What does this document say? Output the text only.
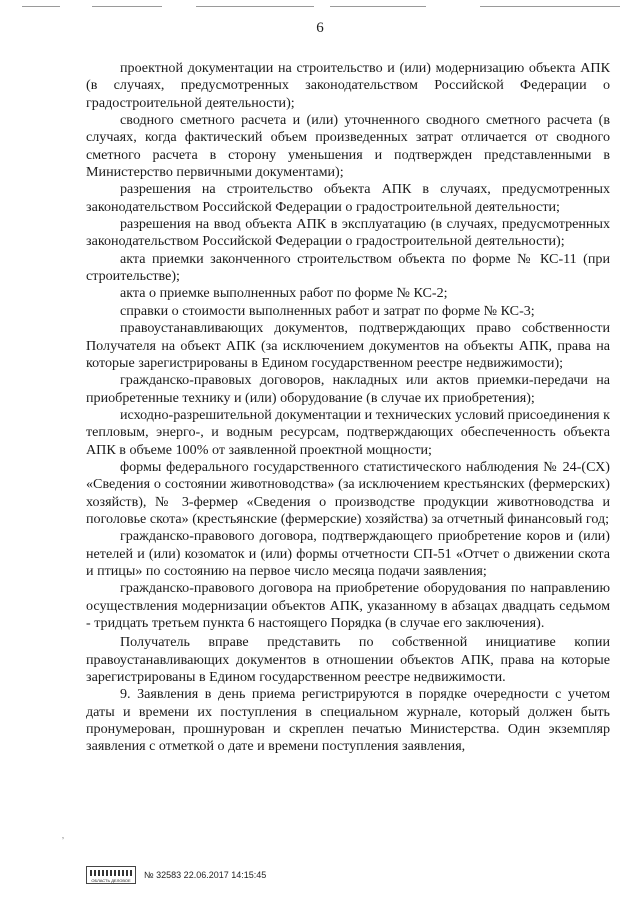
6

проектной документации на строительство и (или) модернизацию объекта АПК (в случаях, предусмотренных законодательством Российской Федерации о градостроительной деятельности);

сводного сметного расчета и (или) уточненного сводного сметного расчета (в случаях, когда фактический объем произведенных затрат отличается от сводного сметного расчета в сторону уменьшения и подтвержден представленными в Министерство первичными документами);

разрешения на строительство объекта АПК в случаях, предусмотренных законодательством Российской Федерации о градостроительной деятельности;

разрешения на ввод объекта АПК в эксплуатацию (в случаях, предусмотренных законодательством Российской Федерации о градостроительной деятельности);

акта приемки законченного строительством объекта по форме № КС-11 (при строительстве);

акта о приемке выполненных работ по форме № КС-2;

справки о стоимости выполненных работ и затрат по форме № КС-3;

правоустанавливающих документов, подтверждающих право собственности Получателя на объект АПК (за исключением документов на объекты АПК, права на которые зарегистрированы в Едином государственном реестре недвижимости);

гражданско-правовых договоров, накладных или актов приемки-передачи на приобретенные технику и (или) оборудование (в случае их приобретения);

исходно-разрешительной документации и технических условий присоединения к тепловым, энерго-, и водным ресурсам, подтверждающих обеспеченность объекта АПК в объеме 100% от заявленной проектной мощности;

формы федерального государственного статистического наблюдения № 24-(СХ) «Сведения о состоянии животноводства» (за исключением крестьянских (фермерских) хозяйств), № 3-фермер «Сведения о производстве продукции животноводства и поголовье скота» (крестьянские (фермерские) хозяйства) за отчетный финансовый год;

гражданско-правового договора, подтверждающего приобретение коров и (или) нетелей и (или) козоматок и (или) формы отчетности СП-51 «Отчет о движении скота и птицы» по состоянию на первое число месяца подачи заявления;

гражданско-правового договора на приобретение оборудования по направлению осуществления модернизации объектов АПК, указанному в абзацах двадцать седьмом - тридцать третьем пункта 6 настоящего Порядка (в случае его заключения).

Получатель вправе представить по собственной инициативе копии правоустанавливающих документов в отношении объектов АПК, права на которые зарегистрированы в Едином государственном реестре недвижимости.

9. Заявления в день приема регистрируются в порядке очередности с учетом даты и времени их поступления в специальном журнале, который должен быть пронумерован, прошнурован и скреплен печатью Министерства. Один экземпляр заявления с отметкой о дате и времени поступления заявления,

ʼ
ОБЛАСТЬ ДЕЛОВОЕ
№ 32583 22.06.2017 14:15:45
